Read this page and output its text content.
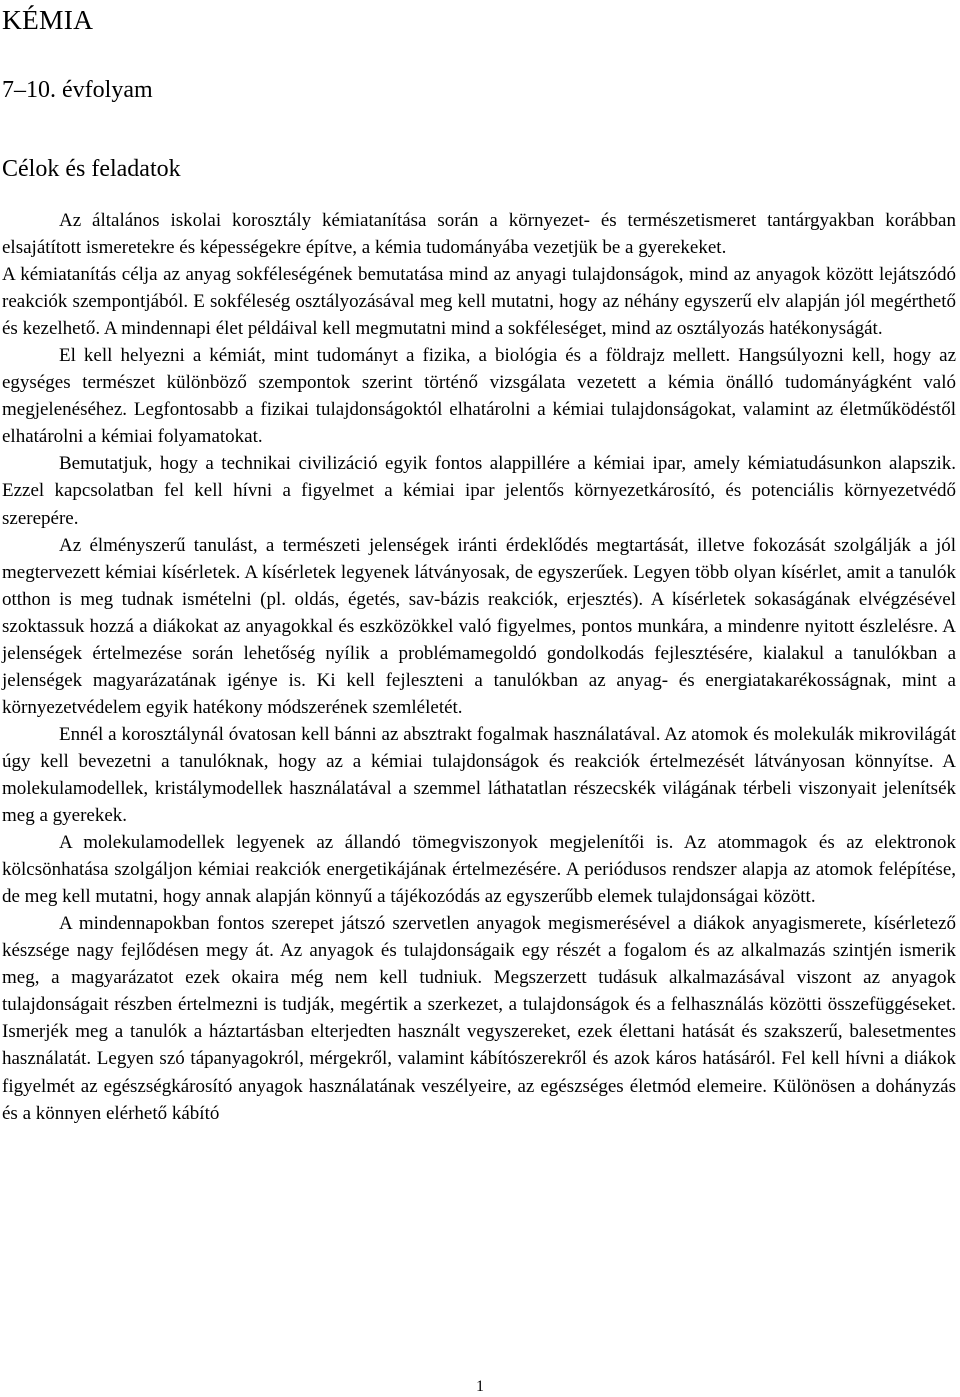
KÉMIA
7–10. évfolyam
Célok és feladatok

Az általános iskolai korosztály kémiatanítása során a környezet- és természetismeret tantárgyakban korábban elsajátított ismeretekre és képességekre építve, a kémia tudományába vezetjük be a gyerekeket.

A kémiatanítás célja az anyag sokféleségének bemutatása mind az anyagi tulajdonságok, mind az anyagok között lejátszódó reakciók szempontjából. E sokféleség osztályozásával meg kell mutatni, hogy az néhány egyszerű elv alapján jól megérthető és kezelhető. A mindennapi élet példáival kell megmutatni mind a sokféleséget, mind az osztályozás hatékonyságát.

El kell helyezni a kémiát, mint tudományt a fizika, a biológia és a földrajz mellett. Hangsúlyozni kell, hogy az egységes természet különböző szempontok szerint történő vizsgálata vezetett a kémia önálló tudományágként való megjelenéséhez. Legfontosabb a fizikai tulajdonságoktól elhatárolni a kémiai tulajdonságokat, valamint az életműködéstől elhatárolni a kémiai folyamatokat.

Bemutatjuk, hogy a technikai civilizáció egyik fontos alappillére a kémiai ipar, amely kémiatudásunkon alapszik. Ezzel kapcsolatban fel kell hívni a figyelmet a kémiai ipar jelentős környezetkárosító, és potenciális környezetvédő szerepére.

Az élményszerű tanulást, a természeti jelenségek iránti érdeklődés megtartását, illetve fokozását szolgálják a jól megtervezett kémiai kísérletek. A kísérletek legyenek látványosak, de egyszerűek. Legyen több olyan kísérlet, amit a tanulók otthon is meg tudnak ismételni (pl. oldás, égetés, sav-bázis reakciók, erjesztés). A kísérletek sokaságának elvégzésével szoktassuk hozzá a diákokat az anyagokkal és eszközökkel való figyelmes, pontos munkára, a mindenre nyitott észlelésre. A jelenségek értelmezése során lehetőség nyílik a problémamegoldó gondolkodás fejlesztésére, kialakul a tanulókban a jelenségek magyarázatának igénye is. Ki kell fejleszteni a tanulókban az anyag- és energiatakarékosságnak, mint a környezetvédelem egyik hatékony módszerének szemléletét.

Ennél a korosztálynál óvatosan kell bánni az absztrakt fogalmak használatával. Az atomok és molekulák mikrovilágát úgy kell bevezetni a tanulóknak, hogy az a kémiai tulajdonságok és reakciók értelmezését látványosan könnyítse. A molekulamodellek, kristálymodellek használatával a szemmel láthatatlan részecskék világának térbeli viszonyait jelenítsék meg a gyerekek.

A molekulamodellek legyenek az állandó tömegviszonyok megjelenítői is. Az atommagok és az elektronok kölcsönhatása szolgáljon kémiai reakciók energetikájának értelmezésére. A periódusos rendszer alapja az atomok felépítése, de meg kell mutatni, hogy annak alapján könnyű a tájékozódás az egyszerűbb elemek tulajdonságai között.

A mindennapokban fontos szerepet játszó szervetlen anyagok megismerésével a diákok anyagismerete, kísérletező készsége nagy fejlődésen megy át. Az anyagok és tulajdonságaik egy részét a fogalom és az alkalmazás szintjén ismerik meg, a magyarázatot ezek okaira még nem kell tudniuk. Megszerzett tudásuk alkalmazásával viszont az anyagok tulajdonságait részben értelmezni is tudják, megértik a szerkezet, a tulajdonságok és a felhasználás közötti összefüggéseket. Ismerjék meg a tanulók a háztartásban elterjedten használt vegyszereket, ezek élettani hatását és szakszerű, balesetmentes használatát. Legyen szó tápanyagokról, mérgekről, valamint kábítószerekről és azok káros hatásáról. Fel kell hívni a diákok figyelmét az egészségkárosító anyagok használatának veszélyeire, az egészséges életmód elemeire. Különösen a dohányzás és a könnyen elérhető kábító

1
